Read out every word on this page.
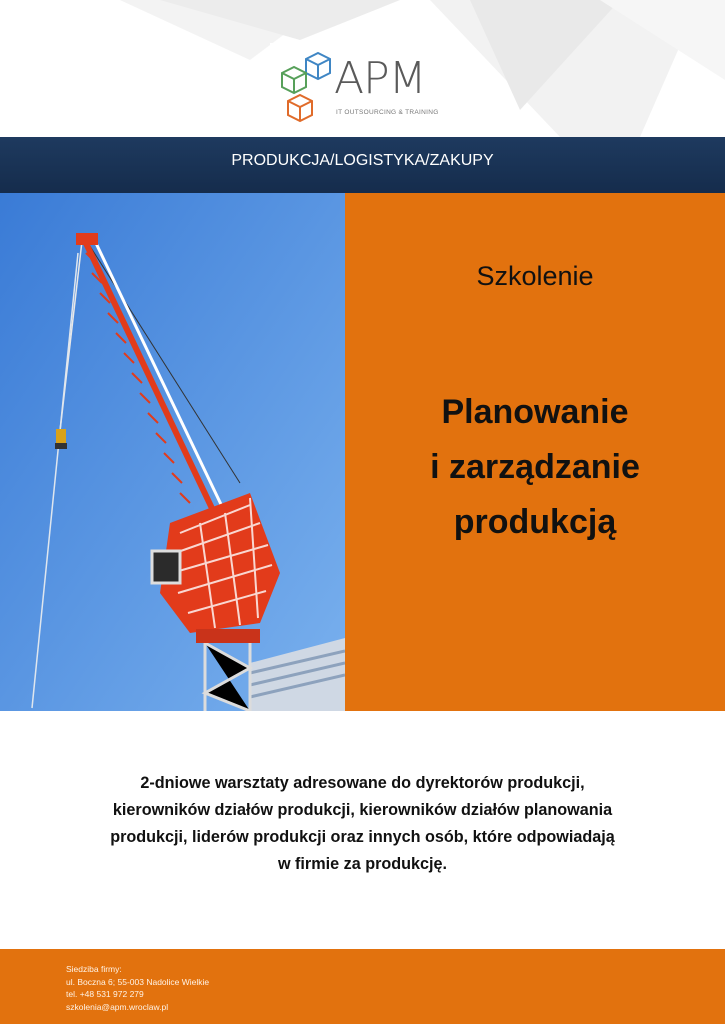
APM
IT OUTSOURCING & TRAINING
PRODUKCJA/LOGISTYKA/ZAKUPY
Szkolenie
Planowanie
i zarządzanie
produkcją
2-dniowe warsztaty adresowane do dyrektorów produkcji,
kierowników działów produkcji, kierowników działów planowania
produkcji, liderów produkcji oraz innych osób, które odpowiadają
w firmie za produkcję.
Siedziba firmy:
ul. Boczna 6; 55-003 Nadolice Wielkie
tel. +48 531 972 279
szkolenia@apm.wroclaw.pl
